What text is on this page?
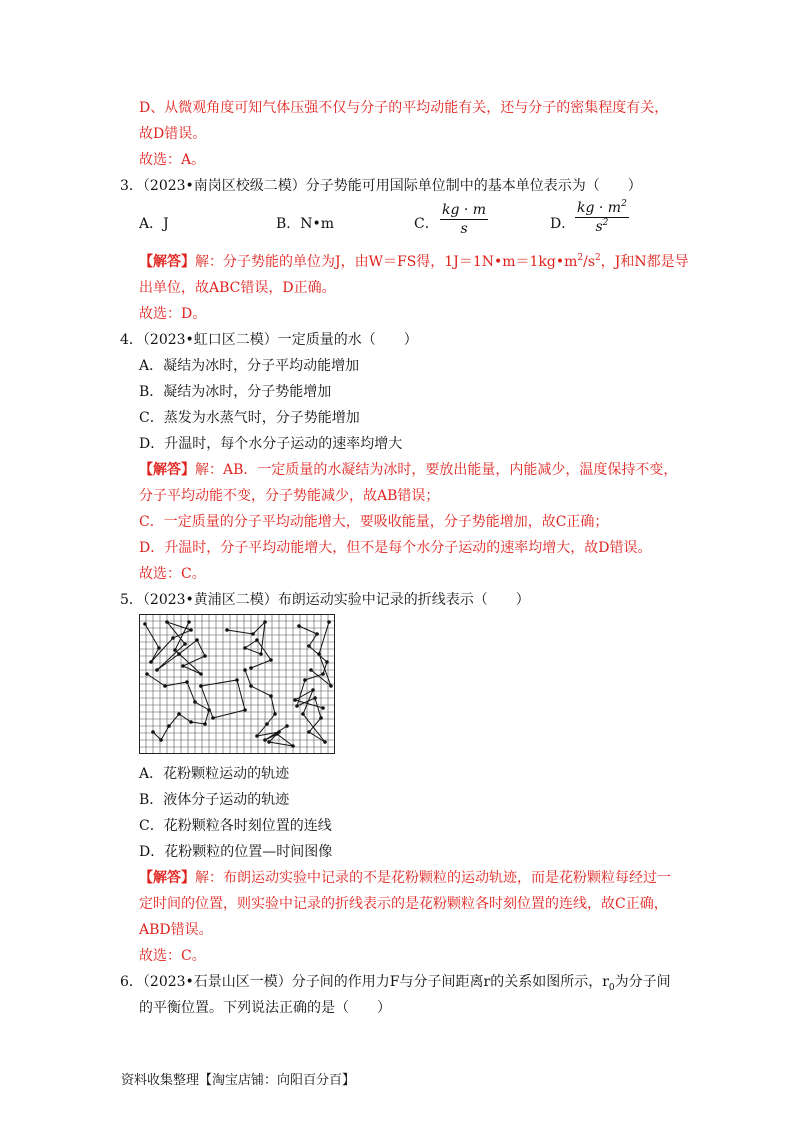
D、从微观角度可知气体压强不仅与分子的平均动能有关，还与分子的密集程度有关，
故D错误。
故选：A。
3．（2023•南岗区校级二模）分子势能可用国际单位制中的基本单位表示为（　　）
A．J	B．N•m	C． $\frac{kg \cdot m}{s}$	D． $\frac{kg \cdot m^2}{s^2}$
【解答】解：分子势能的单位为J，由W＝FS得，$1J=1N•m=1kg•m^2/s^2$，J和N都是导
出单位，故ABC错误，D正确。
故选：D。
4．（2023•虹口区二模）一定质量的水（　　）
A．凝结为冰时，分子平均动能增加
B．凝结为冰时，分子势能增加
C．蒸发为水蒸气时，分子势能增加
D．升温时，每个水分子运动的速率均增大
【解答】解：AB．一定质量的水凝结为冰时，要放出能量，内能减少，温度保持不变，
分子平均动能不变，分子势能减少，故AB错误；
C．一定质量的分子平均动能增大，要吸收能量，分子势能增加，故C正确；
D．升温时，分子平均动能增大，但不是每个水分子运动的速率均增大，故D错误。
故选：C。
5．（2023•黄浦区二模）布朗运动实验中记录的折线表示（　　）
A．花粉颗粒运动的轨迹
B．液体分子运动的轨迹
C．花粉颗粒各时刻位置的连线
D．花粉颗粒的位置—时间图像
【解答】解：布朗运动实验中记录的不是花粉颗粒的运动轨迹，而是花粉颗粒每经过一
定时间的位置，则实验中记录的折线表示的是花粉颗粒各时刻位置的连线，故C正确，
ABD错误。
故选：C。
6．（2023•石景山区一模）分子间的作用力F与分子间距离r的关系如图所示，$r_0$为分子间
的平衡位置。下列说法正确的是（　　）
资料收集整理【淘宝店铺：向阳百分百】
